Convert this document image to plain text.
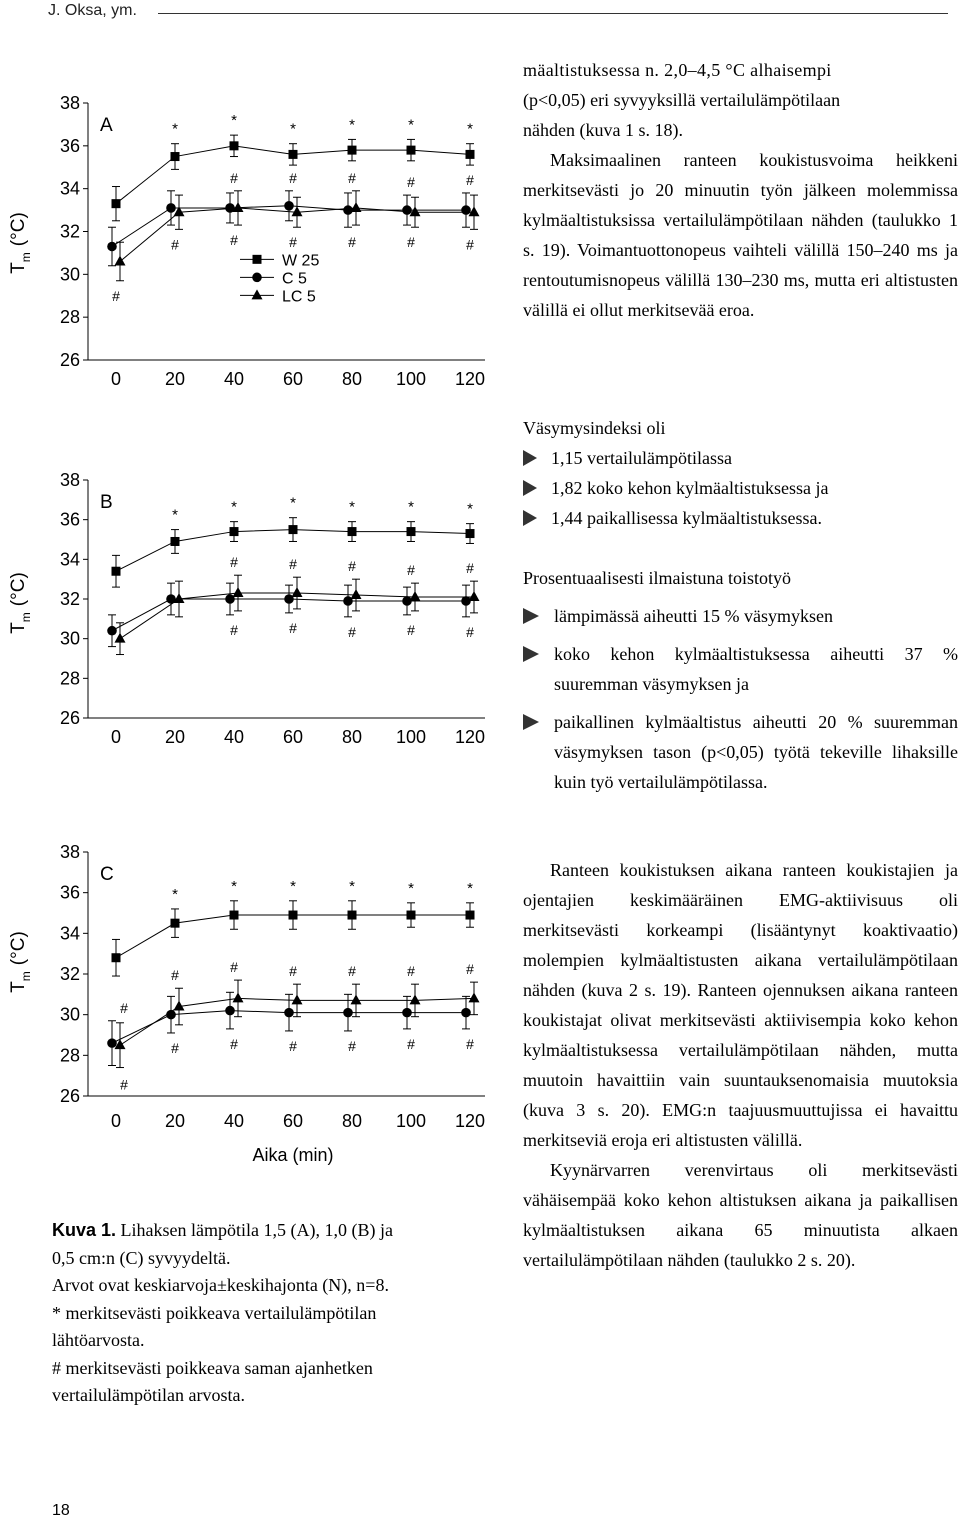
J. Oksa, ym.
26
28
30
32
34
36
38
0 20 40 60 80 100 120
$T_m(^\circ C)$
A	*
*
*	*	*	*
#	#	#	#	#
#
#	#	#	#	#	#
W 25
C 5
LC 5
26
28
30
32
34
36
38
0 20 40 60 80 100 120
$T_m(^\circ C)$
B
*	*	*	*	*	*
#	#	#	#	#
#	#	#	#	#
26
28
30
32
34
36
38
0 20 40 60 80 100 120
$T_m(^\circ C)$
C
Aika (min)
*	*	*	*	*	*
#
#	#	#	#	#
#	#	#	#	#	#
#
#

Kuva 1. Lihaksen lämpötila 1,5 (A), 1,0 (B) ja

0,5 cm:n (C) syvyydeltä.

Arvot ovat keskiarvoja±keskihajonta (N), n=8.

* merkitsevästi poikkeava vertailulämpötilan

lähtöarvosta.

# merkitsevästi poikkeava saman ajanhetken

vertailulämpötilan arvosta.

mäaltistuksessa n. 2,0–4,5 °C alhaisempi

(p<0,05) eri syvyyksillä vertailulämpötilaan

nähden (kuva 1 s. 18).

Maksimaalinen ranteen koukistusvoima heikkeni merkitsevästi jo 20 minuutin työn jälkeen molemmissa kylmäaltistuksissa vertailulämpötilaan nähden (taulukko 1 s. 19). Voimantuottonopeus vaihteli välillä 150–240 ms ja rentoutumisnopeus välillä 130–230 ms, mutta eri altistusten välillä ei ollut merkitsevää eroa.

Väsymysindeksi oli

1,15 vertailulämpötilassa
1,82 koko kehon kylmäaltistuksessa ja
1,44 paikallisessa kylmäaltistuksessa.

Prosentuaalisesti ilmaistuna toistotyö

lämpimässä aiheutti 15 % väsymyksen
koko kehon kylmäaltistuksessa aiheutti 37 % suuremman väsymyksen ja
paikallinen kylmäaltistus aiheutti 20 % suuremman väsymyksen tason (p<0,05) työtä tekeville lihaksille kuin työ vertailulämpötilassa.

Ranteen koukistuksen aikana ranteen koukistajien ja ojentajien keskimääräinen EMG-aktiivisuus oli merkitsevästi korkeampi (lisääntynyt koaktivaatio) molempien kylmäaltistusten aikana vertailulämpötilaan nähden (kuva 2 s. 19). Ranteen ojennuksen aikana ranteen koukistajat olivat merkitsevästi aktiivisempia koko kehon kylmäaltistuksessa vertailulämpötilaan nähden, mutta muutoin havaittiin vain suuntauksenomaisia muutoksia (kuva 3 s. 20). EMG:n taajuusmuuttujissa ei havaittu merkitseviä eroja eri altistusten välillä.

Kyynärvarren verenvirtaus oli merkitsevästi vähäisempää koko kehon altistuksen aikana ja paikallisen kylmäaltistuksen aikana 65 minuutista alkaen vertailulämpötilaan nähden (taulukko 2 s. 20).

18
